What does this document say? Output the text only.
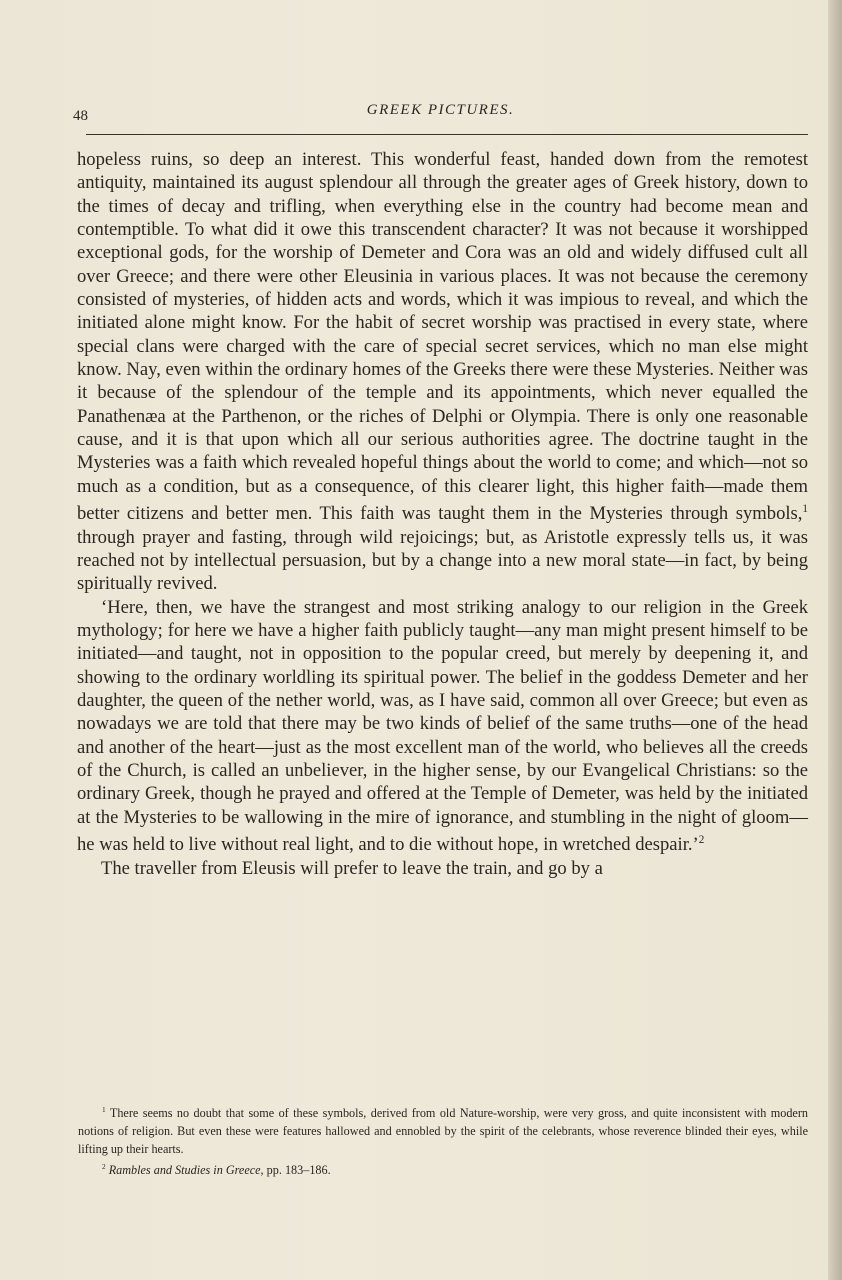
48	GREEK PICTURES.

hopeless ruins, so deep an interest. This wonderful feast, handed down from the remotest antiquity, maintained its august splendour all through the greater ages of Greek history, down to the times of decay and trifling, when everything else in the country had become mean and contemptible. To what did it owe this transcendent character? It was not because it worshipped exceptional gods, for the worship of Demeter and Cora was an old and widely diffused cult all over Greece; and there were other Eleusinia in various places. It was not because the ceremony consisted of mysteries, of hidden acts and words, which it was impious to reveal, and which the initiated alone might know. For the habit of secret worship was practised in every state, where special clans were charged with the care of special secret services, which no man else might know. Nay, even within the ordinary homes of the Greeks there were these Mysteries. Neither was it because of the splendour of the temple and its appointments, which never equalled the Panathenæa at the Parthenon, or the riches of Delphi or Olympia. There is only one reasonable cause, and it is that upon which all our serious authorities agree. The doctrine taught in the Mysteries was a faith which revealed hopeful things about the world to come; and which—not so much as a condition, but as a consequence, of this clearer light, this higher faith—made them better citizens and better men. This faith was taught them in the Mysteries through symbols,$^1$ through prayer and fasting, through wild rejoicings; but, as Aristotle expressly tells us, it was reached not by intellectual persuasion, but by a change into a new moral state—in fact, by being spiritually revived.

‘Here, then, we have the strangest and most striking analogy to our religion in the Greek mythology; for here we have a higher faith publicly taught—any man might present himself to be initiated—and taught, not in opposition to the popular creed, but merely by deepening it, and showing to the ordinary worldling its spiritual power. The belief in the goddess Demeter and her daughter, the queen of the nether world, was, as I have said, common all over Greece; but even as nowadays we are told that there may be two kinds of belief of the same truths—one of the head and another of the heart—just as the most excellent man of the world, who believes all the creeds of the Church, is called an unbeliever, in the higher sense, by our Evangelical Christians: so the ordinary Greek, though he prayed and offered at the Temple of Demeter, was held by the initiated at the Mysteries to be wallowing in the mire of ignorance, and stumbling in the night of gloom—he was held to live without real light, and to die without hope, in wretched despair.’$^2$

The traveller from Eleusis will prefer to leave the train, and go by a

$^1$ There seems no doubt that some of these symbols, derived from old Nature-worship, were very gross, and quite inconsistent with modern notions of religion. But even these were features hallowed and ennobled by the spirit of the celebrants, whose reverence blinded their eyes, while lifting up their hearts.

$^2$ Rambles and Studies in Greece, pp. 183–186.
